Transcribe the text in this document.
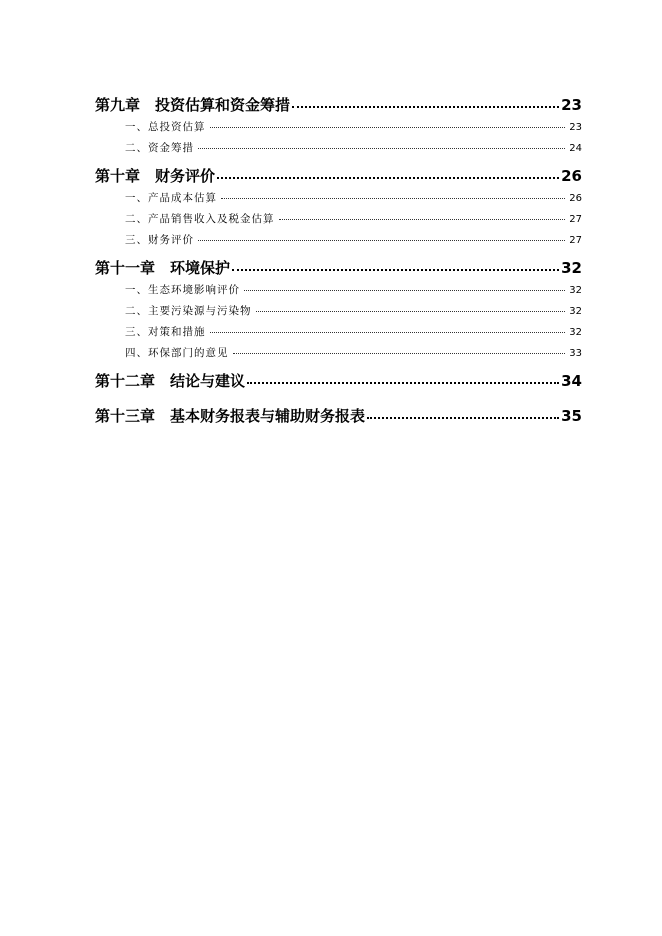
第九章　投资估算和资金筹措	23
一、总投资估算	23
二、资金筹措	24
第十章　财务评价	26
一、产品成本估算	26
二、产品销售收入及税金估算	27
三、财务评价	27
第十一章　环境保护	32
一、生态环境影响评价	32
二、主要污染源与污染物	32
三、对策和措施	32
四、环保部门的意见	33
第十二章　结论与建议	34
第十三章　基本财务报表与辅助财务报表	35
